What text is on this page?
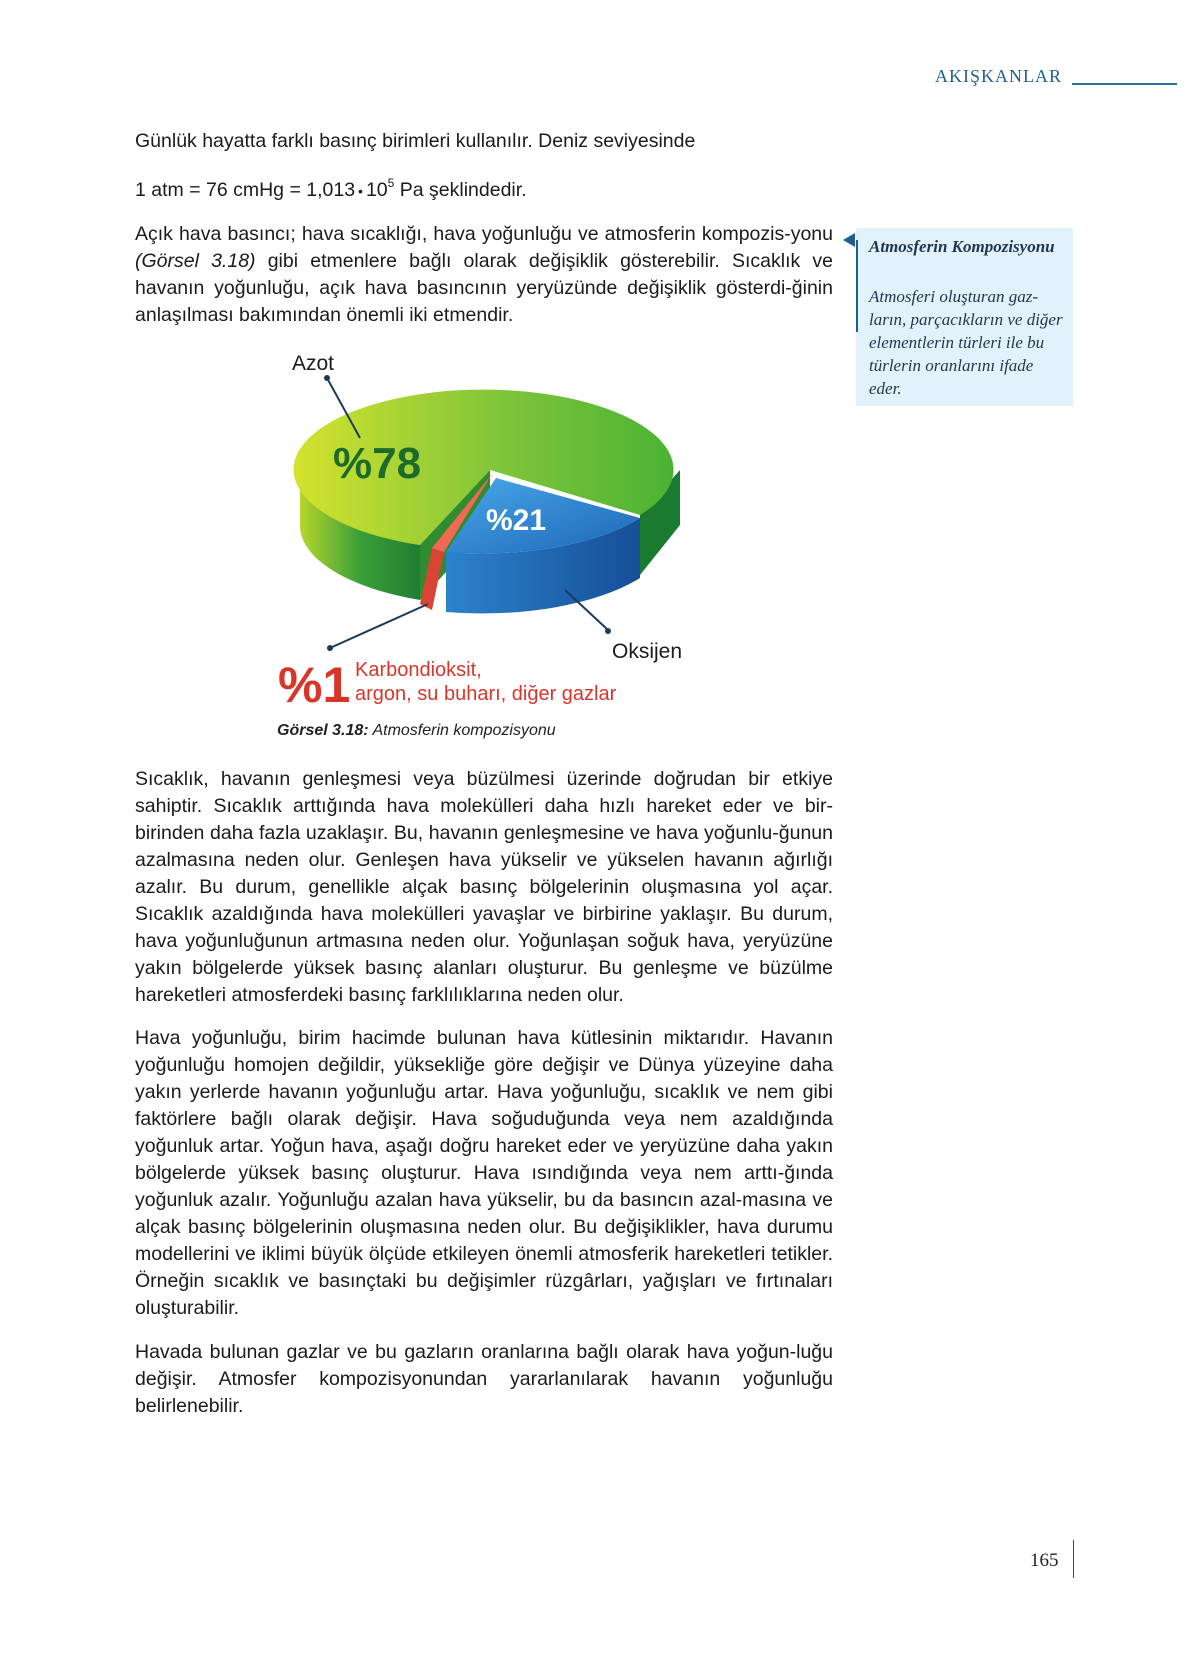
AKIŞKANLAR

Günlük hayatta farklı basınç birimleri kullanılır. Deniz seviyesinde

1 atm = 76 cmHg = 1,013 • $10^5$ Pa şeklindedir.

Açık hava basıncı; hava sıcaklığı, hava yoğunluğu ve atmosferin kompozis-yonu (Görsel 3.18) gibi etmenlere bağlı olarak değişiklik gösterebilir. Sıcaklık ve havanın yoğunluğu, açık hava basıncının yeryüzünde değişiklik gösterdi-ğinin anlaşılması bakımından önemli iki etmendir.

Atmosferin Kompozisyonu
Atmosferi oluşturan gaz-ların, parçacıkların ve diğer elementlerin türleri ile bu türlerin oranlarını ifade eder.
Azot
%78
%21
Oksijen
%1 Karbondioksit,
argon, su buharı, diğer gazlar
Görsel 3.18: Atmosferin kompozisyonu
Sıcaklık, havanın genleşmesi veya büzülmesi üzerinde doğrudan bir etkiye sahiptir. Sıcaklık arttığında hava molekülleri daha hızlı hareket eder ve bir-birinden daha fazla uzaklaşır. Bu, havanın genleşmesine ve hava yoğunlu-ğunun azalmasına neden olur. Genleşen hava yükselir ve yükselen havanın ağırlığı azalır. Bu durum, genellikle alçak basınç bölgelerinin oluşmasına yol açar. Sıcaklık azaldığında hava molekülleri yavaşlar ve birbirine yaklaşır. Bu durum, hava yoğunluğunun artmasına neden olur. Yoğunlaşan soğuk hava, yeryüzüne yakın bölgelerde yüksek basınç alanları oluşturur. Bu genleşme ve büzülme hareketleri atmosferdeki basınç farklılıklarına neden olur.
Hava yoğunluğu, birim hacimde bulunan hava kütlesinin miktarıdır. Havanın yoğunluğu homojen değildir, yüksekliğe göre değişir ve Dünya yüzeyine daha yakın yerlerde havanın yoğunluğu artar. Hava yoğunluğu, sıcaklık ve nem gibi faktörlere bağlı olarak değişir. Hava soğuduğunda veya nem azaldığında yoğunluk artar. Yoğun hava, aşağı doğru hareket eder ve yeryüzüne daha yakın bölgelerde yüksek basınç oluşturur. Hava ısındığında veya nem arttı-ğında yoğunluk azalır. Yoğunluğu azalan hava yükselir, bu da basıncın azal-masına ve alçak basınç bölgelerinin oluşmasına neden olur. Bu değişiklikler, hava durumu modellerini ve iklimi büyük ölçüde etkileyen önemli atmosferik hareketleri tetikler. Örneğin sıcaklık ve basınçtaki bu değişimler rüzgârları, yağışları ve fırtınaları oluşturabilir.
Havada bulunan gazlar ve bu gazların oranlarına bağlı olarak hava yoğun-luğu değişir. Atmosfer kompozisyonundan yararlanılarak havanın yoğunluğu belirlenebilir.
165
